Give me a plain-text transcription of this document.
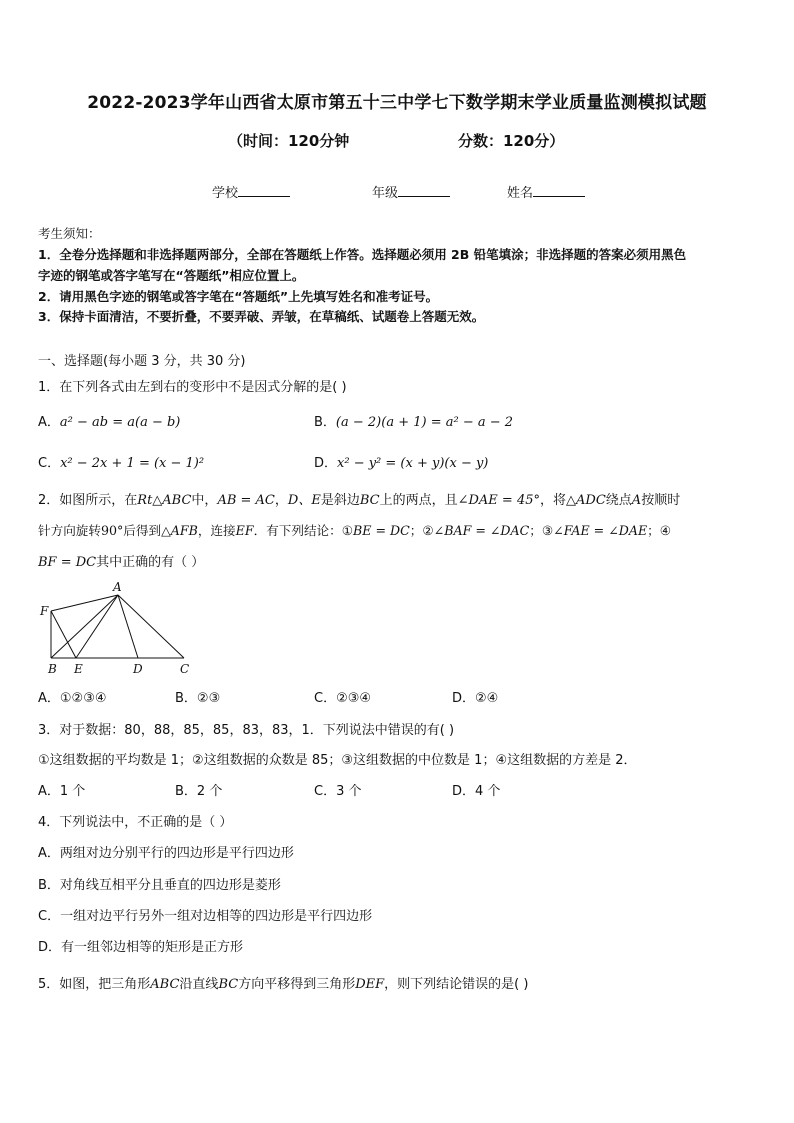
2022-2023学年山西省太原市第五十三中学七下数学期末学业质量监测模拟试题
（时间：120分钟	分数：120分）
学校	年级	姓名
考生须知：
1．全卷分选择题和非选择题两部分，全部在答题纸上作答。选择题必须用 2B 铅笔填涂；非选择题的答案必须用黑色
字迹的钢笔或答字笔写在“答题纸”相应位置上。
2．请用黑色字迹的钢笔或答字笔在“答题纸”上先填写姓名和准考证号。
3．保持卡面清洁，不要折叠，不要弄破、弄皱，在草稿纸、试题卷上答题无效。
一、选择题(每小题 3 分，共 30 分)
1．在下列各式由左到右的变形中不是因式分解的是( )
A．a² − ab = a(a − b)	B．(a − 2)(a + 1) = a² − a − 2
C．x² − 2x + 1 = (x − 1)²	D．x² − y² = (x + y)(x − y)
2．如图所示，在Rt△ABC中，AB = AC，D、E是斜边BC上的两点，且∠DAE = 45°，将△ADC绕点A按顺时
针方向旋转90°后得到△AFB，连接EF．有下列结论：①BE = DC；②∠BAF = ∠DAC；③∠FAE = ∠DAE；④
BF = DC其中正确的有（ ）
A
F
B E	D	C
A．①②③④	B．②③	C．②③④	D．②④
3．对于数据：80，88，85，85，83，83，1．下列说法中错误的有( )
①这组数据的平均数是 1；②这组数据的众数是 85；③这组数据的中位数是 1；④这组数据的方差是 2．
A．1 个	B．2 个	C．3 个	D．4 个
4．下列说法中，不正确的是（ ）
A．两组对边分别平行的四边形是平行四边形
B．对角线互相平分且垂直的四边形是菱形
C．一组对边平行另外一组对边相等的四边形是平行四边形
D．有一组邻边相等的矩形是正方形
5．如图，把三角形ABC沿直线BC方向平移得到三角形DEF，则下列结论错误的是( )
